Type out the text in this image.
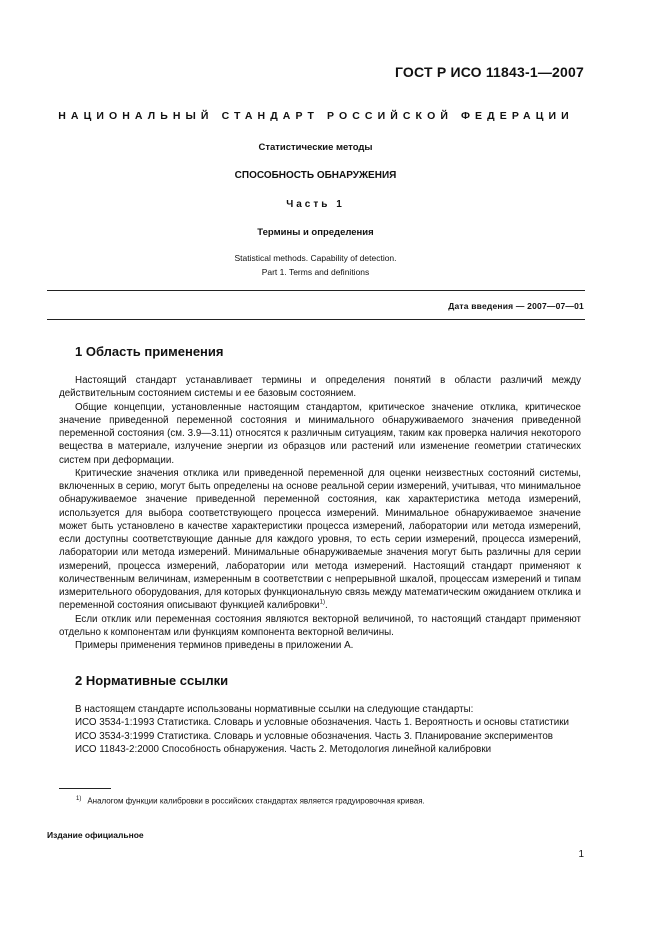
ГОСТ Р ИСО 11843-1—2007
НАЦИОНАЛЬНЫЙ СТАНДАРТ РОССИЙСКОЙ ФЕДЕРАЦИИ
Статистические методы
СПОСОБНОСТЬ ОБНАРУЖЕНИЯ
Часть 1
Термины и определения
Statistical methods. Capability of detection.
Part 1. Terms and definitions
Дата введения — 2007—07—01
1 Область применения

Настоящий стандарт устанавливает термины и определения понятий в области различий между действительным состоянием системы и ее базовым состоянием.

Общие концепции, установленные настоящим стандартом, критическое значение отклика, критическое значение приведенной переменной состояния и минимального обнаруживаемого значения приведенной переменной состояния (см. 3.9—3.11) относятся к различным ситуациям, таким как проверка наличия некоторого вещества в материале, излучение энергии из образцов или растений или изменение геометрии статических систем при деформации.

Критические значения отклика или приведенной переменной для оценки неизвестных состояний системы, включенных в серию, могут быть определены на основе реальной серии измерений, учитывая, что минимальное обнаруживаемое значение приведенной переменной состояния, как характеристика метода измерений, используется для выбора соответствующего процесса измерений. Минимальное обнаруживаемое значение может быть установлено в качестве характеристики процесса измерений, лаборатории или метода измерений, если доступны соответствующие данные для каждого уровня, то есть серии измерений, процесса измерений, лаборатории или метода измерений. Минимальные обнаруживаемые значения могут быть различны для серии измерений, процесса измерений, лаборатории или метода измерений. Настоящий стандарт применяют к количественным величинам, измеренным в соответствии с непрерывной шкалой, процессам измерений и типам измерительного оборудования, для которых функциональную связь между математическим ожиданием отклика и переменной состояния описывают функцией калибровки$^{1)}$.

Если отклик или переменная состояния являются векторной величиной, то настоящий стандарт применяют отдельно к компонентам или функциям компонента векторной величины.

Примеры применения терминов приведены в приложении А.

2 Нормативные ссылки

В настоящем стандарте использованы нормативные ссылки на следующие стандарты:

ИСО 3534-1:1993 Статистика. Словарь и условные обозначения. Часть 1. Вероятность и основы статистики

ИСО 3534-3:1999 Статистика. Словарь и условные обозначения. Часть 3. Планирование экспериментов

ИСО 11843-2:2000 Способность обнаружения. Часть 2. Методология линейной калибровки

$^{1)}$ Аналогом функции калибровки в российских стандартах является градуировочная кривая.
Издание официальное
1
